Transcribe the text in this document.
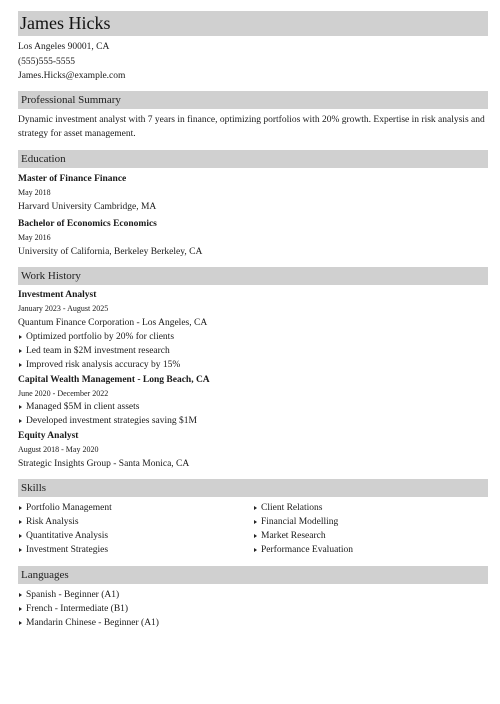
James Hicks
Los Angeles 90001, CA
(555)555-5555
James.Hicks@example.com
Professional Summary
Dynamic investment analyst with 7 years in finance, optimizing portfolios with 20% growth. Expertise in risk analysis and strategy for asset management.
Education
Master of Finance Finance
May 2018
Harvard University Cambridge, MA
Bachelor of Economics Economics
May 2016
University of California, Berkeley Berkeley, CA
Work History
Investment Analyst
January 2023 - August 2025
Quantum Finance Corporation - Los Angeles, CA
Optimized portfolio by 20% for clients
Led team in $2M investment research
Improved risk analysis accuracy by 15%
Capital Wealth Management - Long Beach, CA
June 2020 - December 2022
Managed $5M in client assets
Developed investment strategies saving $1M
Equity Analyst
August 2018 - May 2020
Strategic Insights Group - Santa Monica, CA
Skills
Portfolio Management
Risk Analysis
Quantitative Analysis
Investment Strategies
Client Relations
Financial Modelling
Market Research
Performance Evaluation
Languages
Spanish - Beginner (A1)
French - Intermediate (B1)
Mandarin Chinese - Beginner (A1)
